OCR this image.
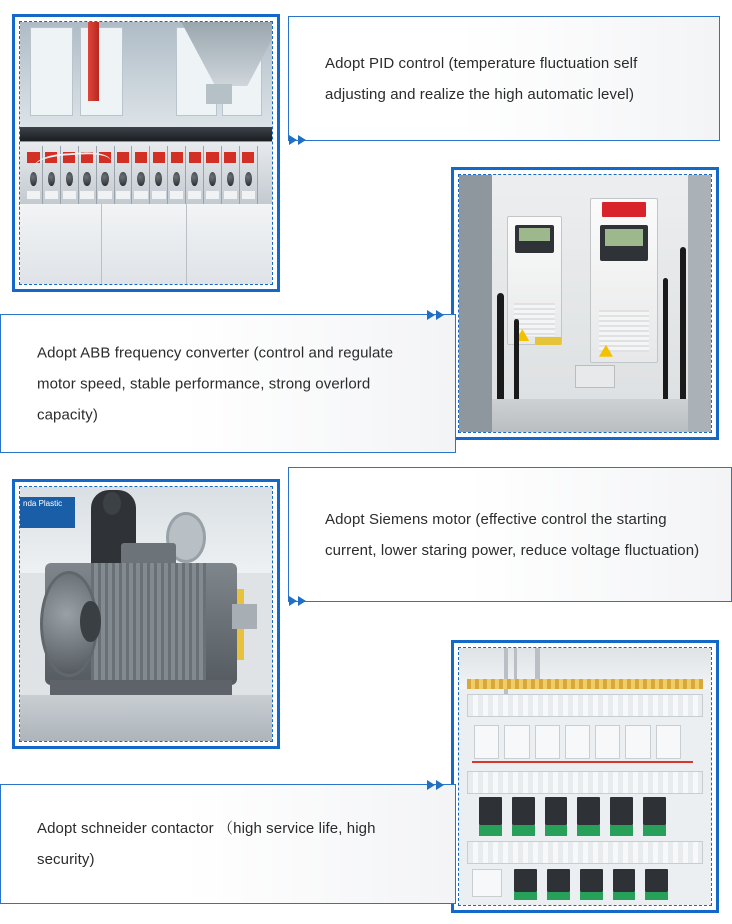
Adopt PID control (temperature fluctuation self adjusting and realize the high automatic level)
Adopt ABB frequency converter (control and regulate motor speed, stable performance, strong overlord capacity)
nda Plastic
Adopt Siemens motor (effective control the starting current, lower staring power, reduce voltage fluctuation)
Adopt schneider contactor （high service life, high security)
